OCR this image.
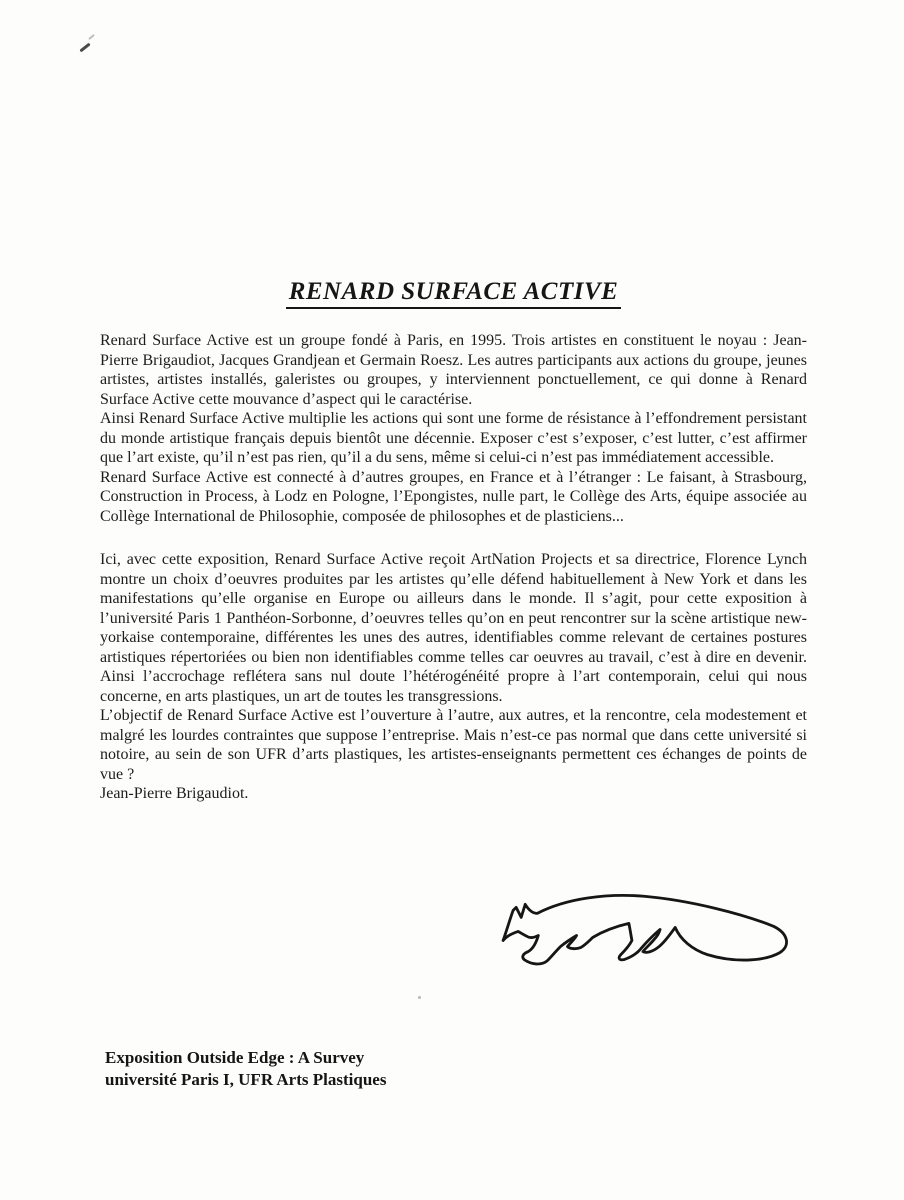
RENARD SURFACE ACTIVE

Renard Surface Active est un groupe fondé à Paris, en 1995. Trois artistes en constituent le noyau : Jean-Pierre Brigaudiot, Jacques Grandjean et Germain Roesz. Les autres participants aux actions du groupe, jeunes artistes, artistes installés, galeristes ou groupes, y interviennent ponctuellement, ce qui donne à Renard Surface Active cette mouvance d’aspect qui le caractérise.

Ainsi Renard Surface Active multiplie les actions qui sont une forme de résistance à l’effondrement persistant du monde artistique français depuis bientôt une décennie. Exposer c’est s’exposer, c’est lutter, c’est affirmer que l’art existe, qu’il n’est pas rien, qu’il a du sens, même si celui-ci n’est pas immédiatement accessible.

Renard Surface Active est connecté à d’autres groupes, en France et à l’étranger : Le faisant, à Strasbourg, Construction in Process, à Lodz en Pologne, l’Epongistes, nulle part, le Collège des Arts, équipe associée au Collège International de Philosophie, composée de philosophes et de plasticiens...

Ici, avec cette exposition, Renard Surface Active reçoit ArtNation Projects et sa directrice, Florence Lynch montre un choix d’oeuvres produites par les artistes qu’elle défend habituellement à New York et dans les manifestations qu’elle organise en Europe ou ailleurs dans le monde. Il s’agit, pour cette exposition à l’université Paris 1 Panthéon-Sorbonne, d’oeuvres telles qu’on en peut rencontrer sur la scène artistique new-yorkaise contemporaine, différentes les unes des autres, identifiables comme relevant de certaines postures artistiques répertoriées ou bien non identifiables comme telles car oeuvres au travail, c’est à dire en devenir. Ainsi l’accrochage reflétera sans nul doute l’hétérogénéité propre à l’art contemporain, celui qui nous concerne, en arts plastiques, un art de toutes les transgressions.

L’objectif de Renard Surface Active est l’ouverture à l’autre, aux autres, et la rencontre, cela modestement et malgré les lourdes contraintes que suppose l’entreprise. Mais n’est-ce pas normal que dans cette université si notoire, au sein de son UFR d’arts plastiques, les artistes-enseignants permettent ces échanges de points de vue ?

Jean-Pierre Brigaudiot.

Exposition Outside Edge : A Survey
université Paris I, UFR Arts Plastiques
